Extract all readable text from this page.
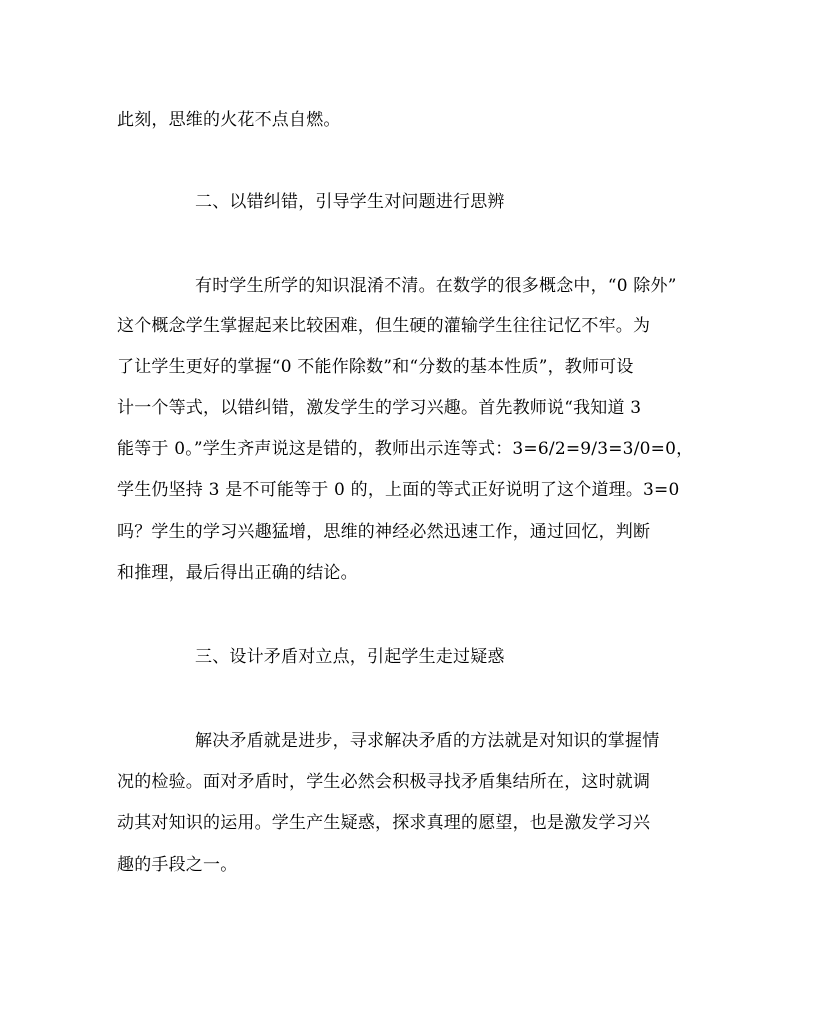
此刻，思维的火花不点自燃。
二、以错纠错，引导学生对问题进行思辨
有时学生所学的知识混淆不清。在数学的很多概念中，“0 除外”
这个概念学生掌握起来比较困难，但生硬的灌输学生往往记忆不牢。为
了让学生更好的掌握“0 不能作除数”和“分数的基本性质”，教师可设
计一个等式，以错纠错，激发学生的学习兴趣。首先教师说“我知道 3
能等于 0。”学生齐声说这是错的，教师出示连等式：3=6/2=9/3=3/0=0，
学生仍坚持 3 是不可能等于 0 的，上面的等式正好说明了这个道理。3=0
吗？学生的学习兴趣猛增，思维的神经必然迅速工作，通过回忆，判断
和推理，最后得出正确的结论。
三、设计矛盾对立点，引起学生走过疑惑
解决矛盾就是进步，寻求解决矛盾的方法就是对知识的掌握情
况的检验。面对矛盾时，学生必然会积极寻找矛盾集结所在，这时就调
动其对知识的运用。学生产生疑惑，探求真理的愿望，也是激发学习兴
趣的手段之一。
